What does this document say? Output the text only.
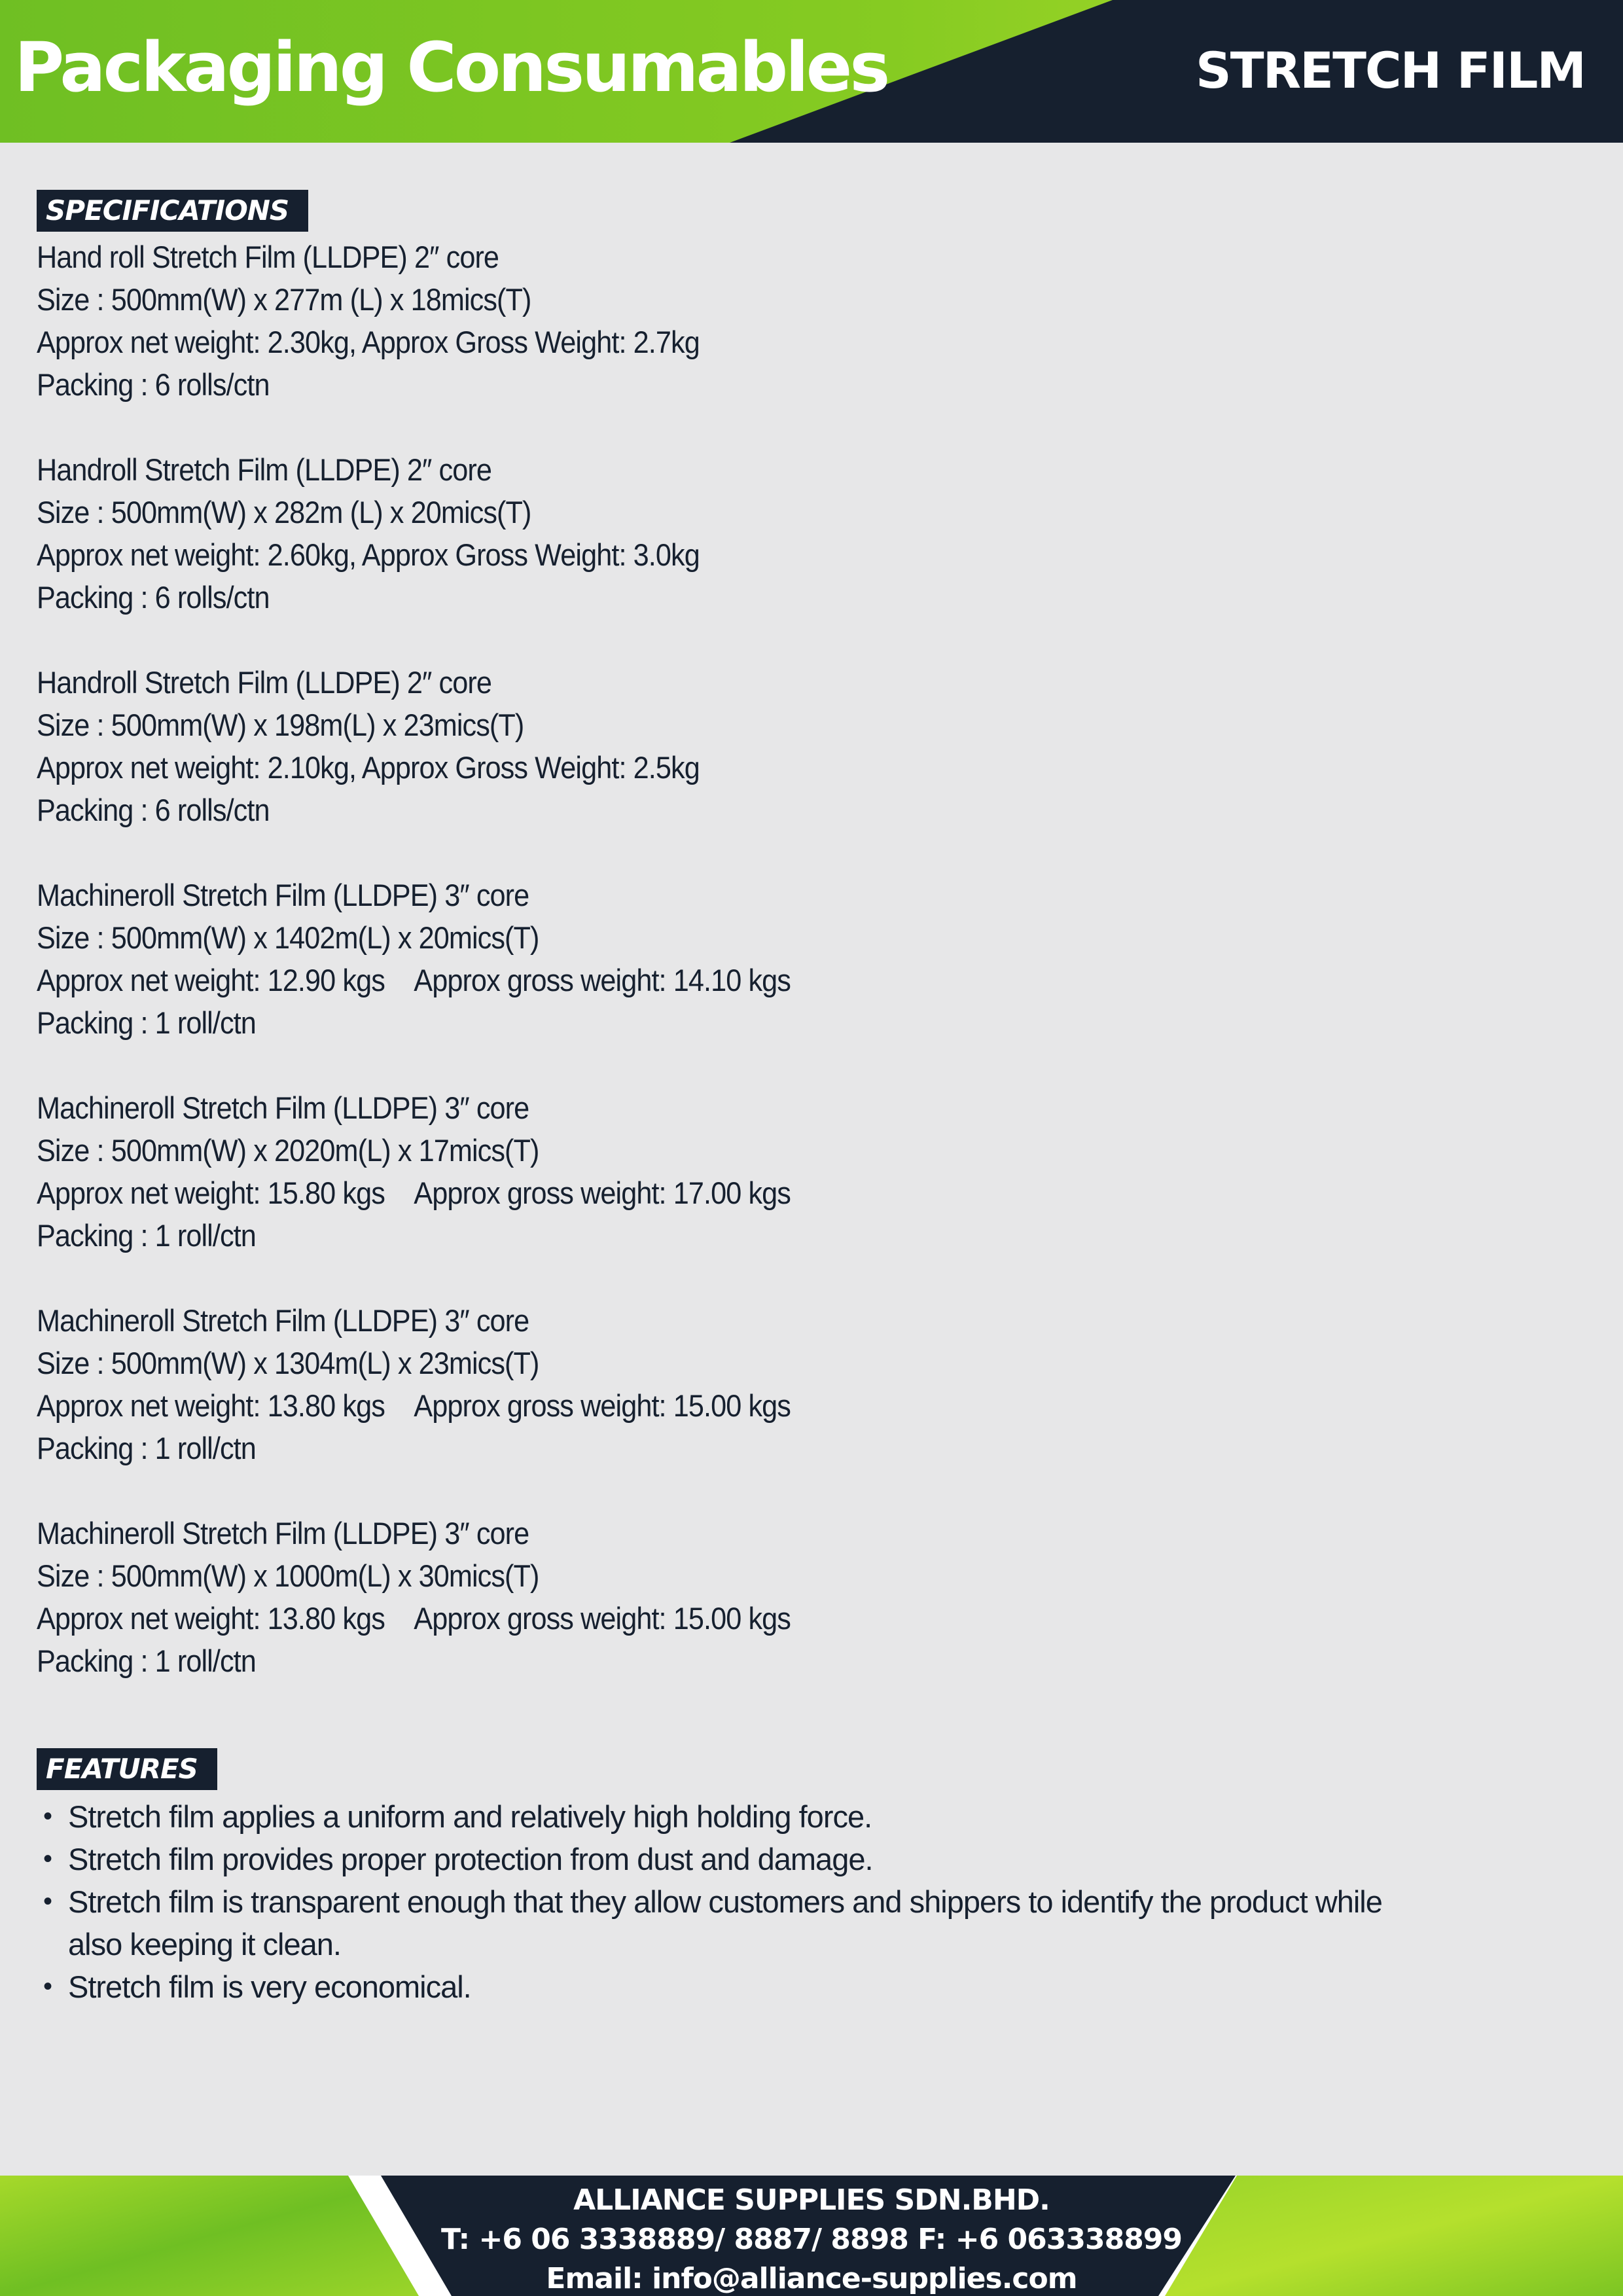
Packaging Consumables	STRETCH FILM
SPECIFICATIONS
Hand roll Stretch Film (LLDPE) 2″ core
Size : 500mm(W) x 277m (L) x 18mics(T)
Approx net weight: 2.30kg, Approx Gross Weight: 2.7kg
Packing : 6 rolls/ctn
Handroll Stretch Film (LLDPE) 2″ core
Size : 500mm(W) x 282m (L) x 20mics(T)
Approx net weight: 2.60kg, Approx Gross Weight: 3.0kg
Packing : 6 rolls/ctn
Handroll Stretch Film (LLDPE) 2″ core
Size : 500mm(W) x 198m(L) x 23mics(T)
Approx net weight: 2.10kg, Approx Gross Weight: 2.5kg
Packing : 6 rolls/ctn
Machineroll Stretch Film (LLDPE) 3″ core
Size : 500mm(W) x 1402m(L) x 20mics(T)
Approx net weight: 12.90 kgs    Approx gross weight: 14.10 kgs
Packing : 1 roll/ctn
Machineroll Stretch Film (LLDPE) 3″ core
Size : 500mm(W) x 2020m(L) x 17mics(T)
Approx net weight: 15.80 kgs    Approx gross weight: 17.00 kgs
Packing : 1 roll/ctn
Machineroll Stretch Film (LLDPE) 3″ core
Size : 500mm(W) x 1304m(L) x 23mics(T)
Approx net weight: 13.80 kgs    Approx gross weight: 15.00 kgs
Packing : 1 roll/ctn
Machineroll Stretch Film (LLDPE) 3″ core
Size : 500mm(W) x 1000m(L) x 30mics(T)
Approx net weight: 13.80 kgs    Approx gross weight: 15.00 kgs
Packing : 1 roll/ctn
FEATURES
• Stretch film applies a uniform and relatively high holding force.
• Stretch film provides proper protection from dust and damage.
• Stretch film is transparent enough that they allow customers and shippers to identify the product while also keeping it clean.
• Stretch film is very economical.
ALLIANCE SUPPLIES SDN.BHD.
T: +6 06 3338889/ 8887/ 8898 F: +6 063338899
Email: info@alliance-supplies.com
